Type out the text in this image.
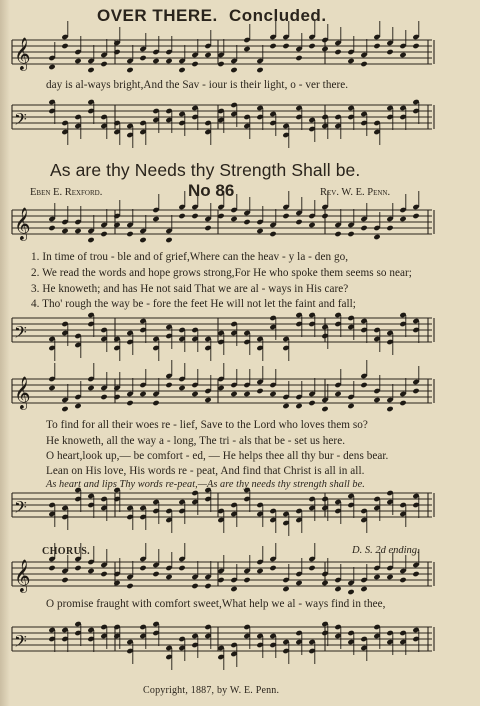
OVER THERE. Concluded.
𝄞
𝄢
𝄞
𝄢
𝄞
𝄢
𝄞
𝄢
day is al-ways bright,And the Sav - iour is their light, o - ver there.
As are thy Needs thy Strength Shall be.
Eben E. Rexford.	No 86	Rev. W. E. Penn.
1. In time of trou - ble and of grief,Where can the heav - y la - den go,
2. We read the words and hope grows strong,For He who spoke them seems so near;
3. He knoweth; and has He not said That we are al - ways in His care?
4. Tho' rough the way be - fore the feet He will not let the faint and fall;
To find for all their woes re - lief, Save to the Lord who loves them so?
He knoweth, all the way a - long, The tri - als that be - set us here.
O heart,look up,— be comfort - ed, — He helps thee all thy bur - dens bear.
Lean on His love, His words re - peat, And find that Christ is all in all.
As heart and lips Thy words re-peat,—As are thy needs thy strength shall be.
CHORUS.	D. S. 2d ending.
O promise fraught with comfort sweet,What help we al - ways find in thee,
Copyright, 1887, by W. E. Penn.
